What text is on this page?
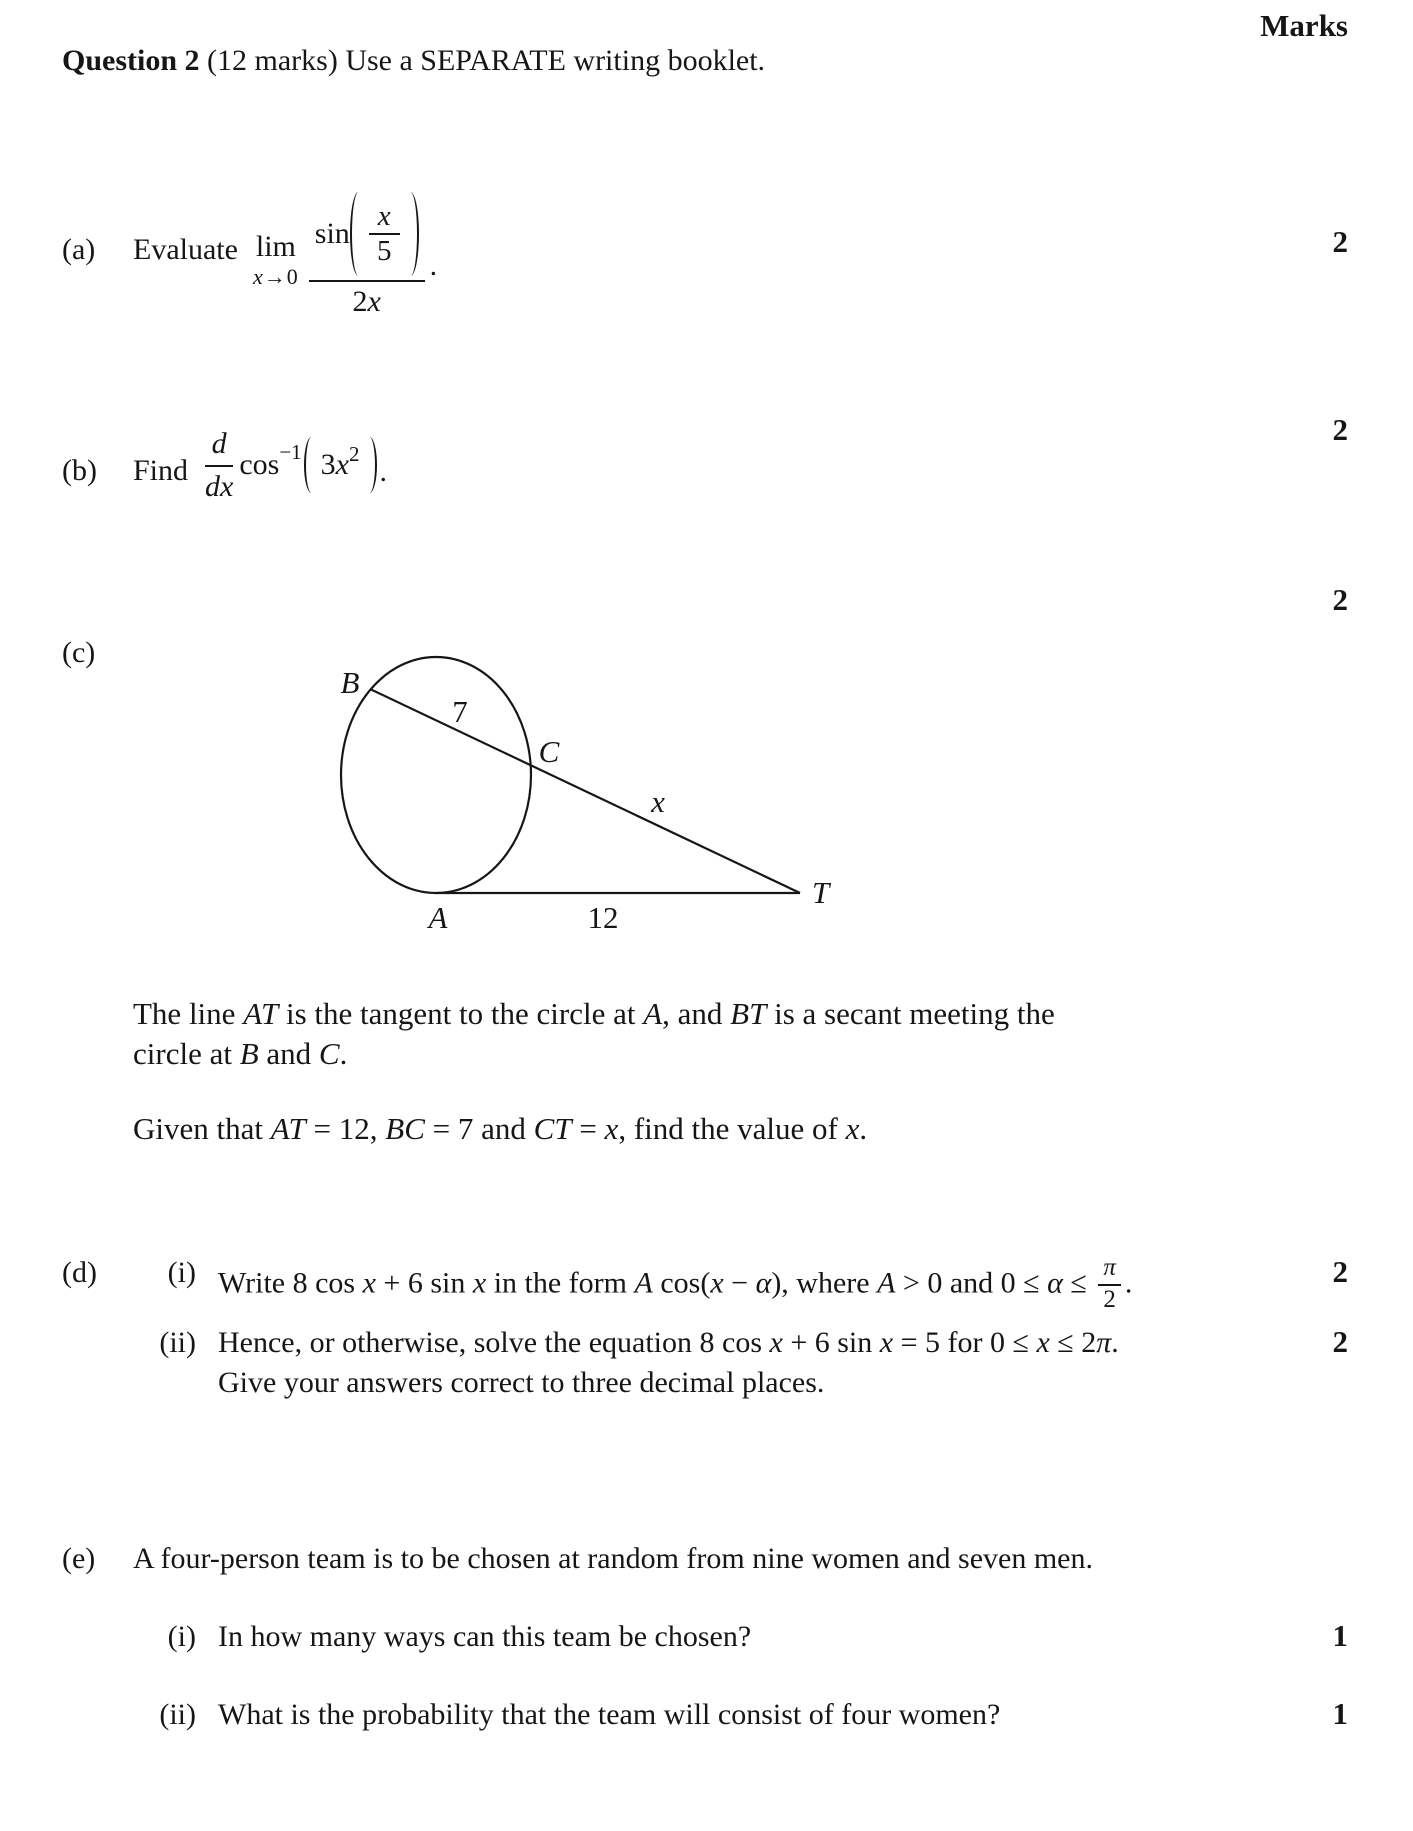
Marks
Question 2 (12 marks) Use a SEPARATE writing booklet.
(a) Evaluate lim
x→0
$\sin \frac{x}{5}$
2x
.
2
(b) Find
d
dx
cos −1 $3x^2$
.
2
(c)
2
B
7
C
x
A	12
T
The line AT is the tangent to the circle at A, and BT is a secant meeting the
circle at B and C.
Given that AT = 12, BC = 7 and CT = x, find the value of x.
(d)	(i) Write 8 cos x + 6 sin x in the form A cos(x − α), where A > 0 and $0 \le \alpha \le \frac{\pi}{2}$ .	2
(ii) Hence, or otherwise, solve the equation 8 cos x + 6 sin x = 5 for 0 ≤ x ≤ 2π.
Give your answers correct to three decimal places.
2
(e) A four-person team is to be chosen at random from nine women and seven men.
(i) In how many ways can this team be chosen?	1
(ii) What is the probability that the team will consist of four women?	1
